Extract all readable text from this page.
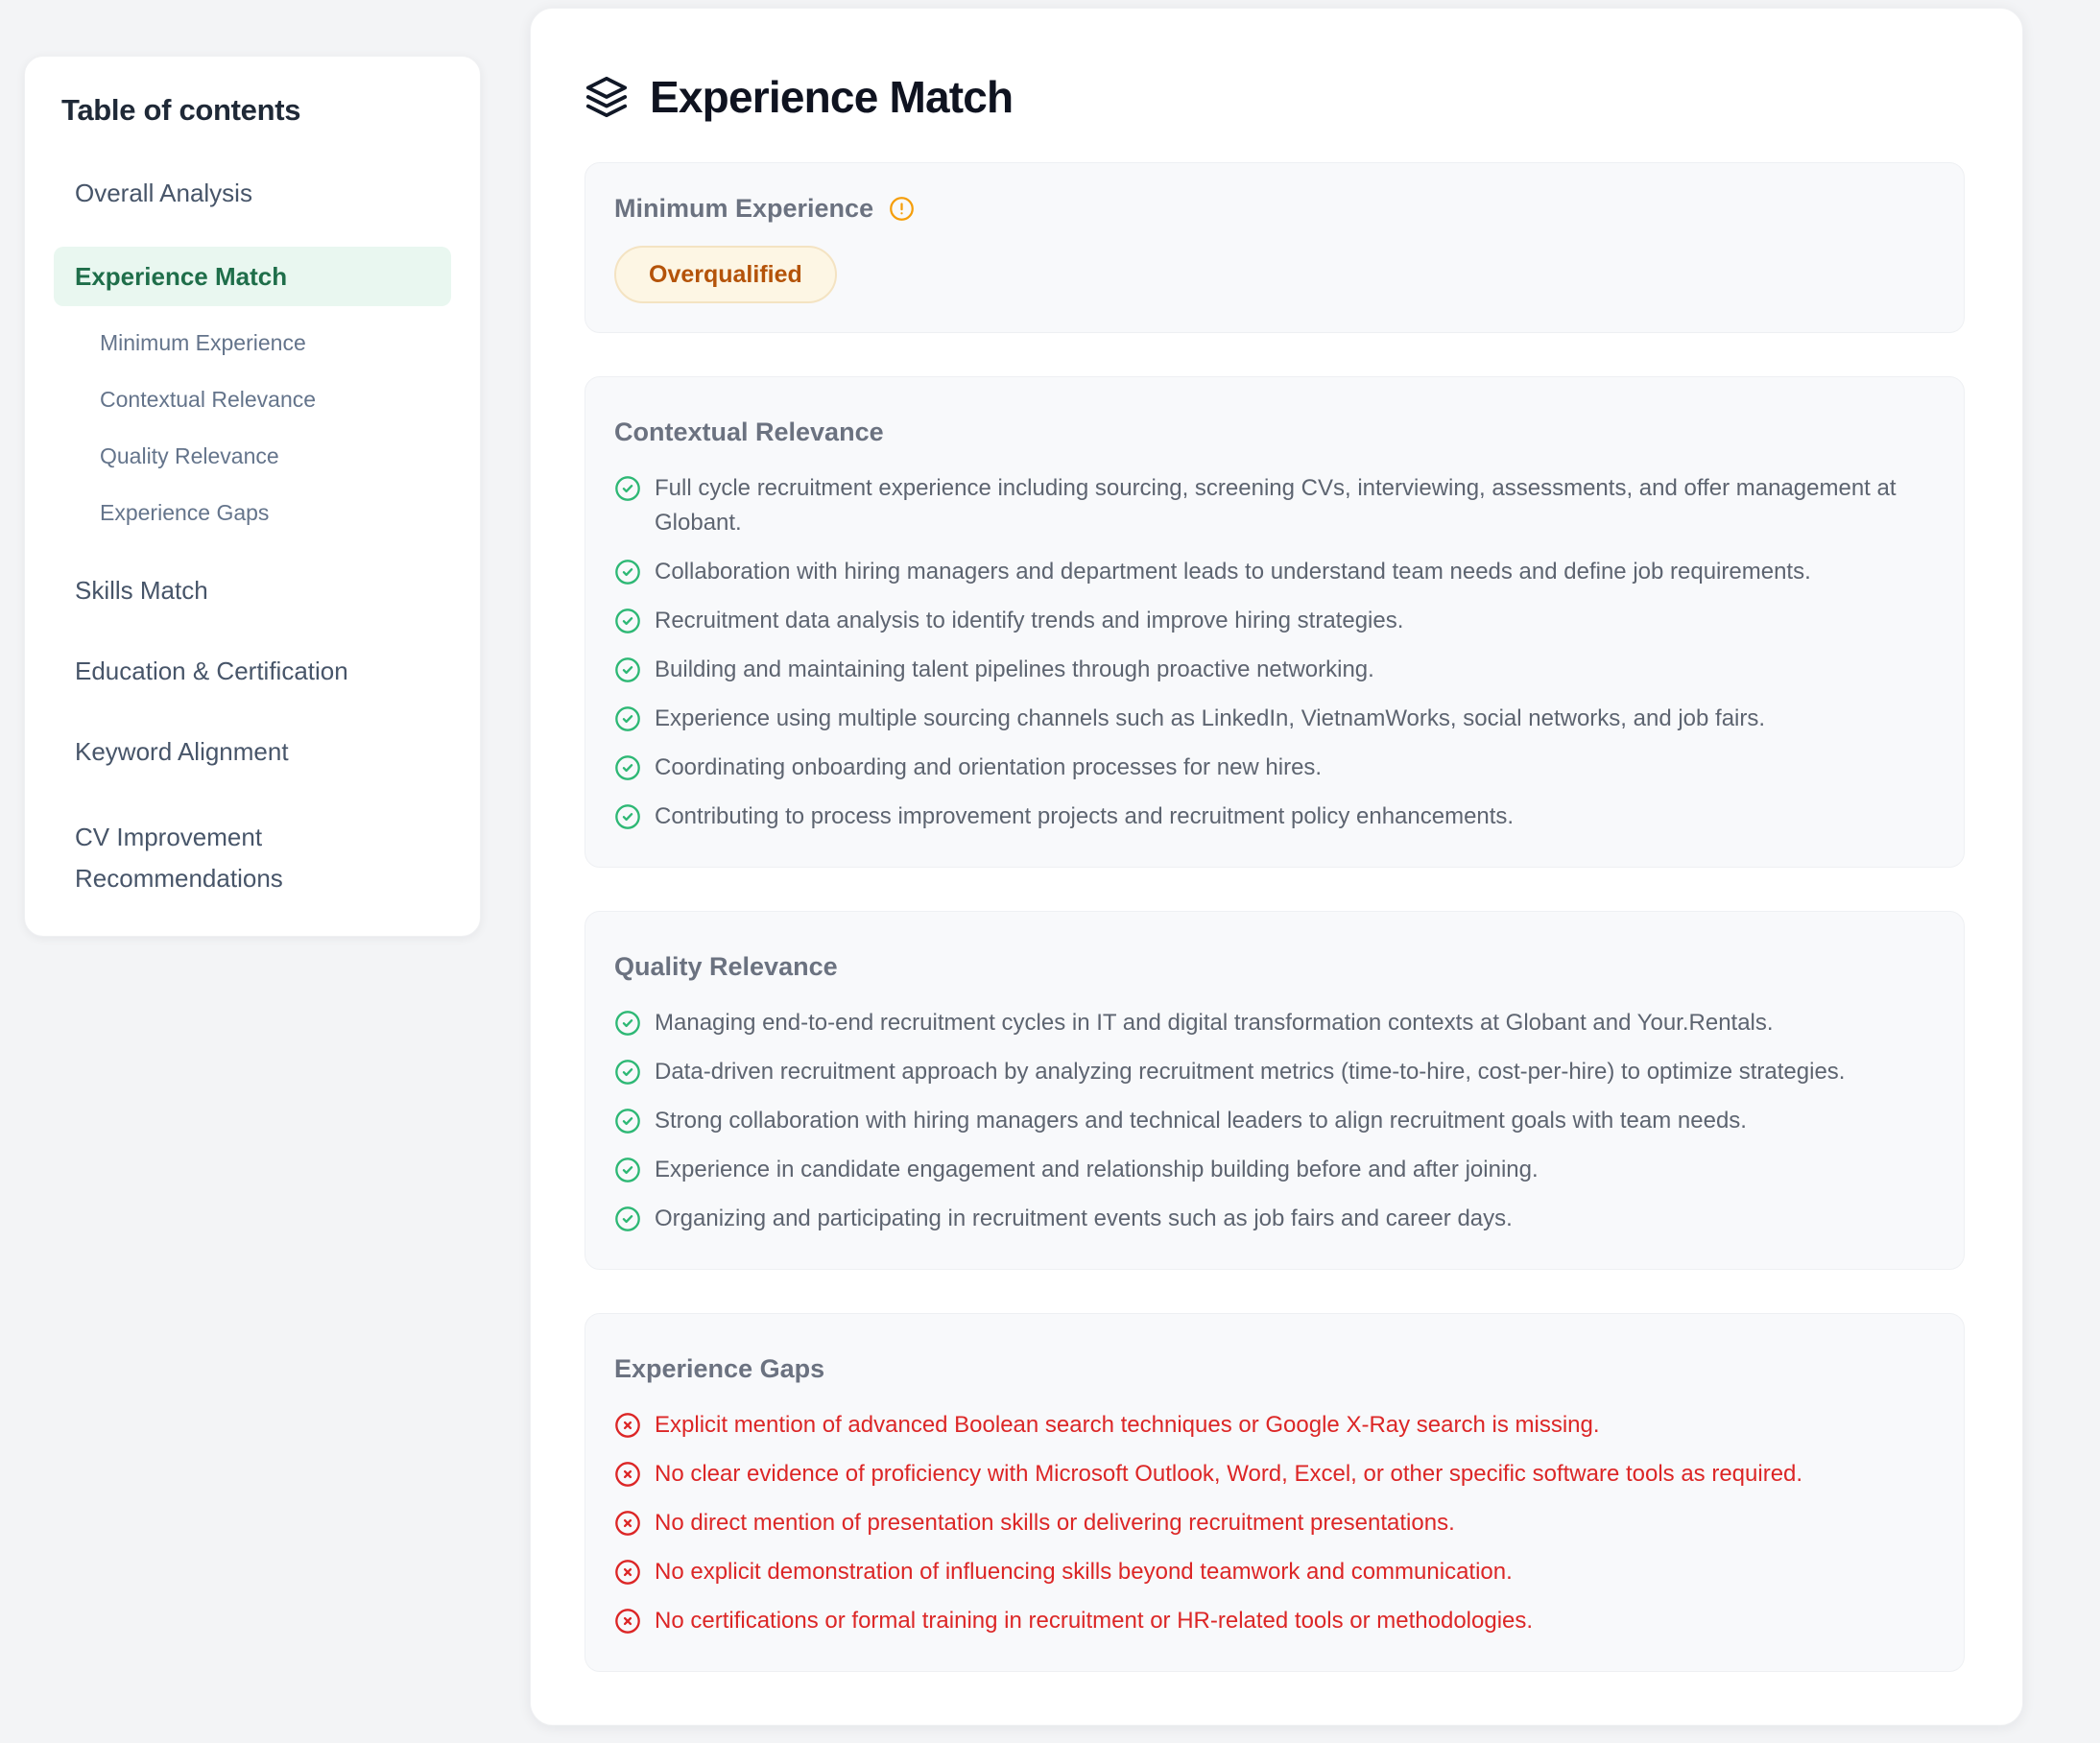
Table of contents
Overall Analysis
Experience Match
Minimum Experience
Contextual Relevance
Quality Relevance
Experience Gaps
Skills Match
Education & Certification
Keyword Alignment
CV Improvement Recommendations
Experience Match
Minimum Experience
Overqualified
Contextual Relevance
Full cycle recruitment experience including sourcing, screening CVs, interviewing, assessments, and offer management at Globant.
Collaboration with hiring managers and department leads to understand team needs and define job requirements.
Recruitment data analysis to identify trends and improve hiring strategies.
Building and maintaining talent pipelines through proactive networking.
Experience using multiple sourcing channels such as LinkedIn, VietnamWorks, social networks, and job fairs.
Coordinating onboarding and orientation processes for new hires.
Contributing to process improvement projects and recruitment policy enhancements.
Quality Relevance
Managing end-to-end recruitment cycles in IT and digital transformation contexts at Globant and Your.Rentals.
Data-driven recruitment approach by analyzing recruitment metrics (time-to-hire, cost-per-hire) to optimize strategies.
Strong collaboration with hiring managers and technical leaders to align recruitment goals with team needs.
Experience in candidate engagement and relationship building before and after joining.
Organizing and participating in recruitment events such as job fairs and career days.
Experience Gaps
Explicit mention of advanced Boolean search techniques or Google X-Ray search is missing.
No clear evidence of proficiency with Microsoft Outlook, Word, Excel, or other specific software tools as required.
No direct mention of presentation skills or delivering recruitment presentations.
No explicit demonstration of influencing skills beyond teamwork and communication.
No certifications or formal training in recruitment or HR-related tools or methodologies.
